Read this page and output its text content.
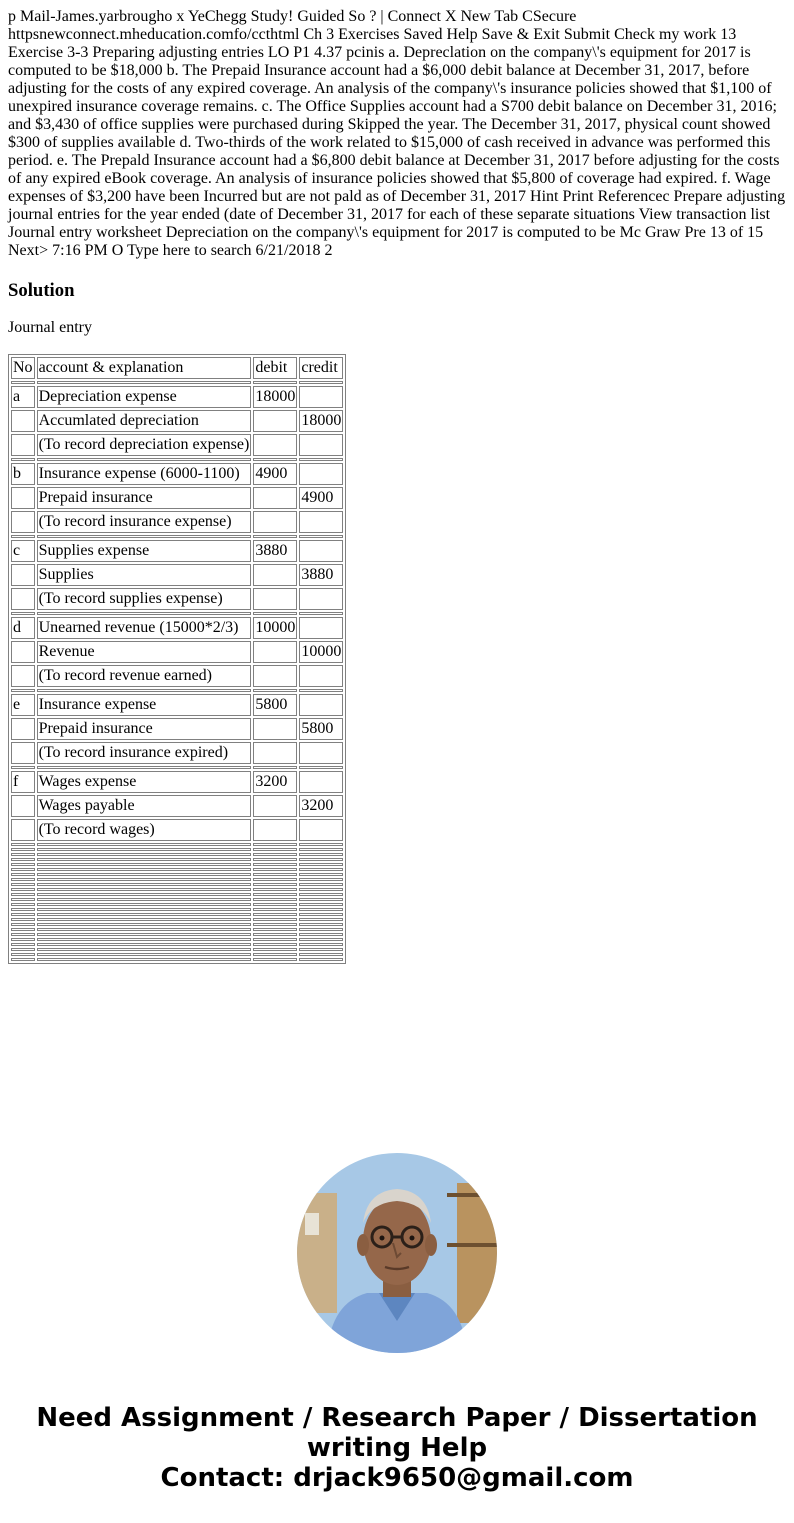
p Mail-James.yarbrougho x YeChegg Study! Guided So ? | Connect X New Tab CSecure httpsnewconnect.mheducation.comfo/ccthtml Ch 3 Exercises Saved Help Save & Exit Submit Check my work 13 Exercise 3-3 Preparing adjusting entries LO P1 4.37 pcinis a. Depreclation on the company\'s equipment for 2017 is computed to be $18,000 b. The Prepaid Insurance account had a $6,000 debit balance at December 31, 2017, before adjusting for the costs of any expired coverage. An analysis of the company\'s insurance policies showed that $1,100 of unexpired insurance coverage remains. c. The Office Supplies account had a S700 debit balance on December 31, 2016; and $3,430 of office supplies were purchased during Skipped the year. The December 31, 2017, physical count showed $300 of supplies available d. Two-thirds of the work related to $15,000 of cash received in advance was performed this period. e. The Prepald Insurance account had a $6,800 debit balance at December 31, 2017 before adjusting for the costs of any expired eBook coverage. An analysis of insurance policies showed that $5,800 of coverage had expired. f. Wage expenses of $3,200 have been Incurred but are not pald as of December 31, 2017 Hint Print Referencec Prepare adjusting journal entries for the year ended (date of December 31, 2017 for each of these separate situations View transaction list Journal entry worksheet Depreciation on the company\'s equipment for 2017 is computed to be Mc Graw Pre 13 of 15 Next> 7:16 PM O Type here to search 6/21/2018 2

Solution

Journal entry

No	account & explanation	debit	credit

a	Depreciation expense	18000	
	Accumlated depreciation		18000
	(To record depreciation expense)		

b	Insurance expense (6000-1100)	4900	
	Prepaid insurance		4900
	(To record insurance expense)		

c	Supplies expense	3880	
	Supplies		3880
	(To record supplies expense)		

d	Unearned revenue (15000*2/3)	10000	
	Revenue		10000
	(To record revenue earned)		

e	Insurance expense	5800	
	Prepaid insurance		5800
	(To record insurance expired)		

f	Wages expense	3200	
	Wages payable		3200
	(To record wages)		

Need Assignment / Research Paper / Dissertation
writing Help
Contact: drjack9650@gmail.com
